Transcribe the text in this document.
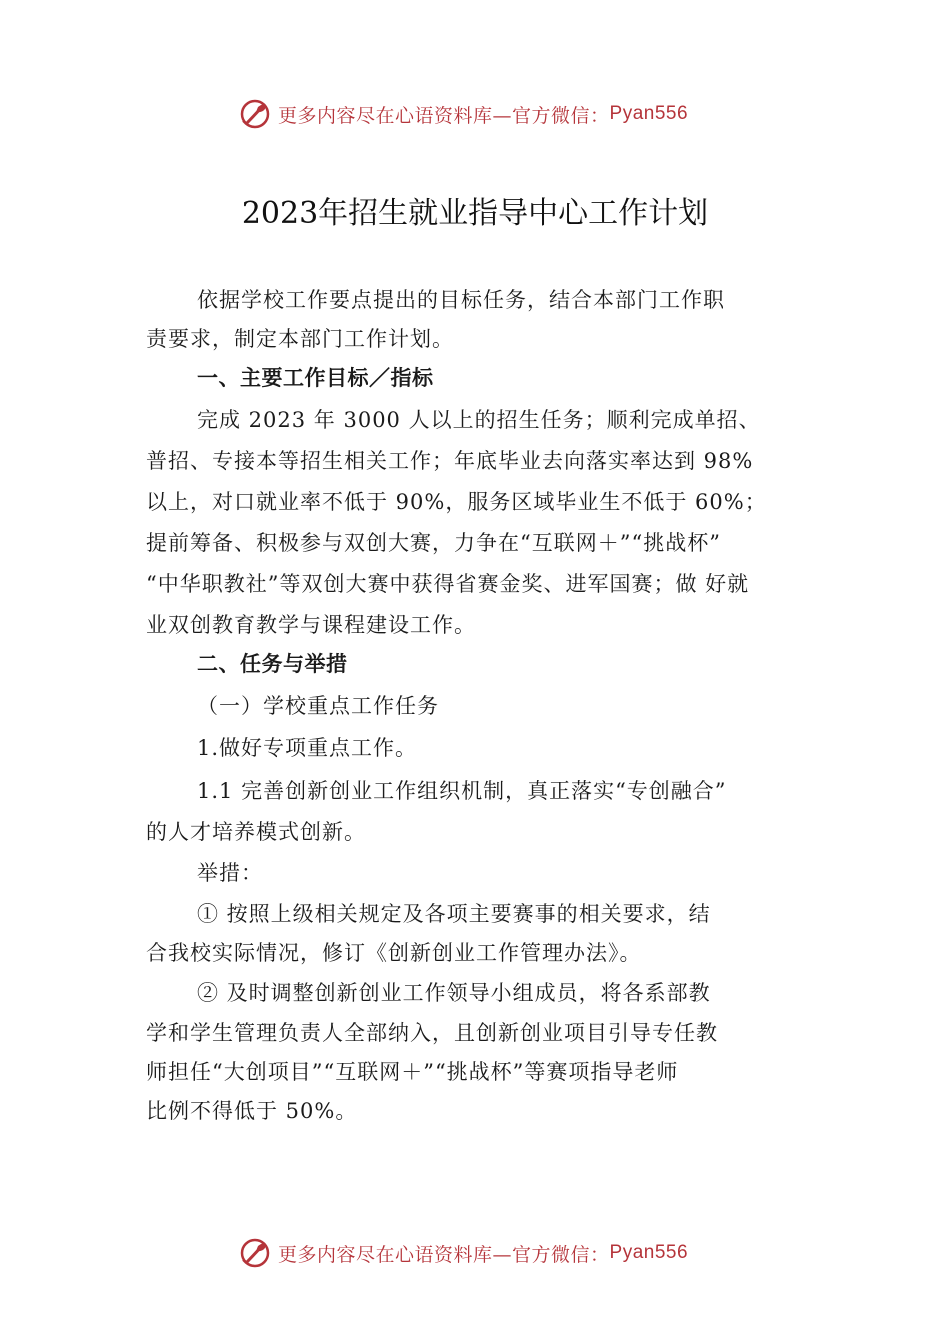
更多内容尽在心语资料库—官方微信： Pyan556
2023年招生就业指导中心工作计划
依据学校工作要点提出的目标任务，结合本部门工作职
责要求，制定本部门工作计划。
一、主要工作目标／指标
完成 2023 年 3000 人以上的招生任务；顺利完成单招、
普招、专接本等招生相关工作；年底毕业去向落实率达到 98%
以上，对口就业率不低于 90%，服务区域毕业生不低于 60%；
提前筹备、积极参与双创大赛，力争在“互联网＋”“挑战杯”
“中华职教社”等双创大赛中获得省赛金奖、进军国赛；做 好就
业双创教育教学与课程建设工作。
二、任务与举措
（一）学校重点工作任务
1.做好专项重点工作。
1.1 完善创新创业工作组织机制，真正落实“专创融合”
的人才培养模式创新。
举措：
① 按照上级相关规定及各项主要赛事的相关要求，结
合我校实际情况，修订《创新创业工作管理办法》。
② 及时调整创新创业工作领导小组成员，将各系部教
学和学生管理负责人全部纳入，且创新创业项目引导专任教
师担任“大创项目”“互联网＋”“挑战杯”等赛项指导老师
比例不得低于 50%。
更多内容尽在心语资料库—官方微信： Pyan556
